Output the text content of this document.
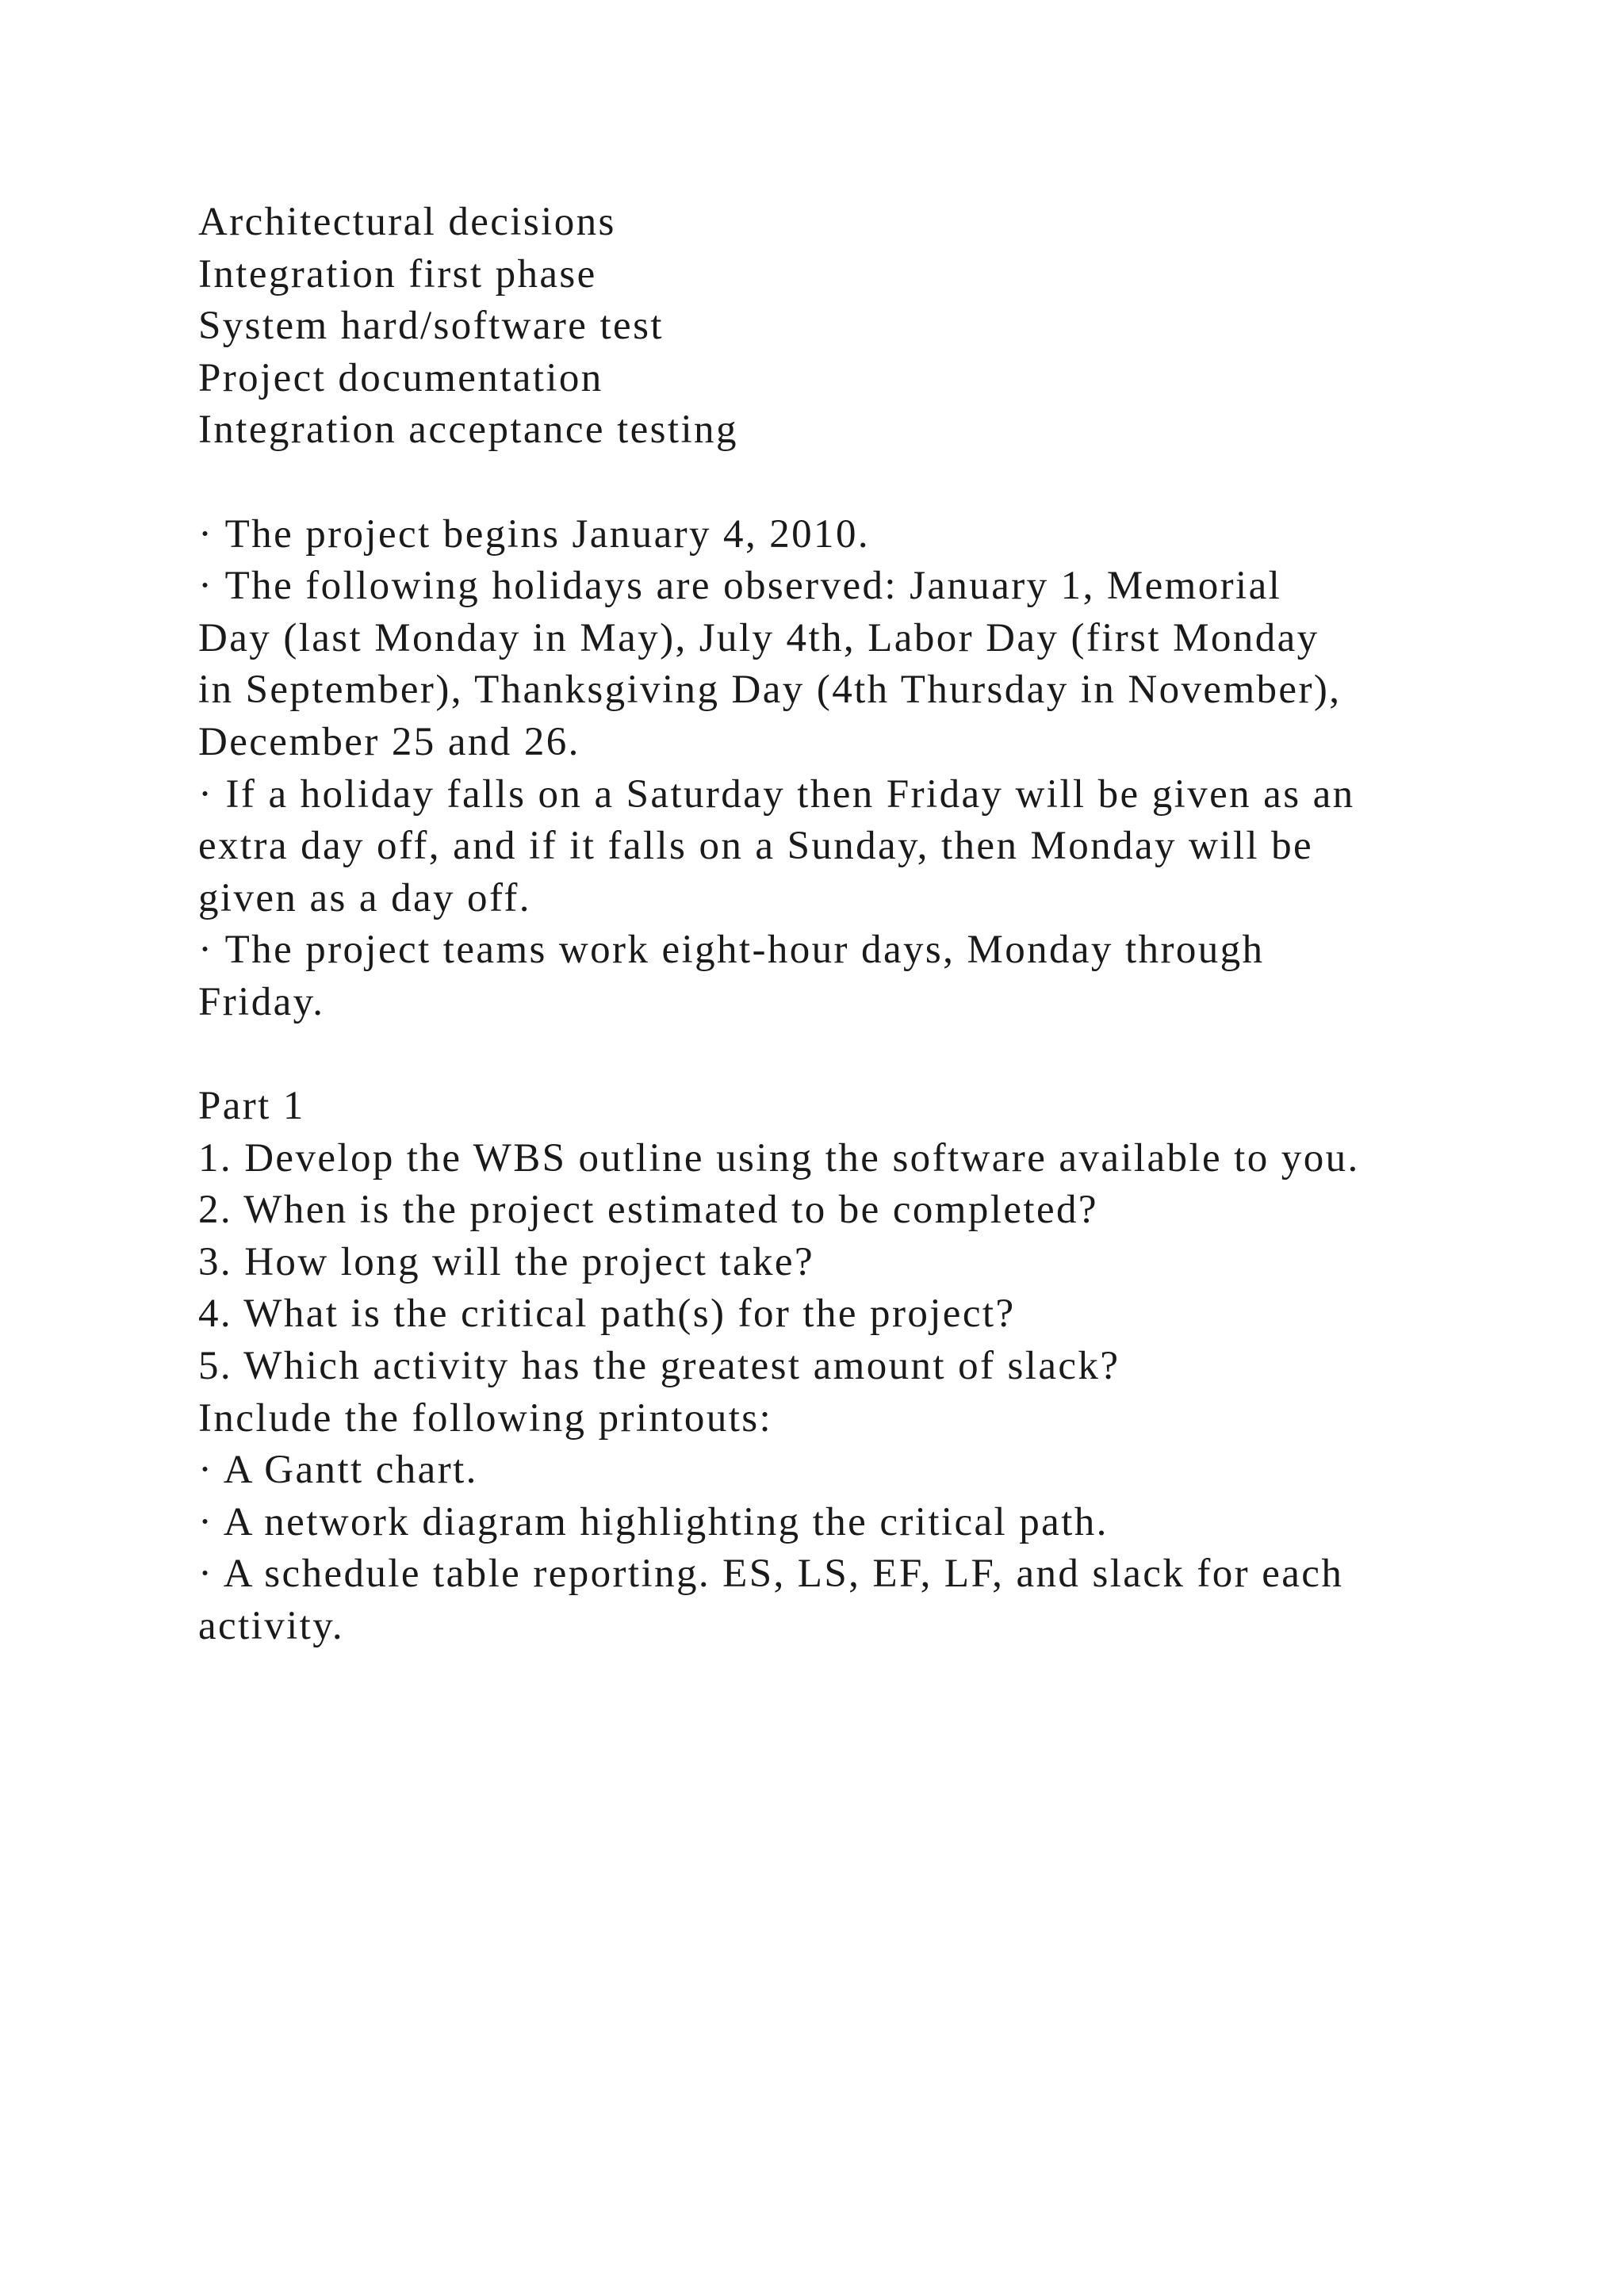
Architectural decisions
Integration first phase
System hard/software test
Project documentation
Integration acceptance testing
· The project begins January 4, 2010.
· The following holidays are observed: January 1, Memorial
Day (last Monday in May), July 4th, Labor Day (first Monday
in September), Thanksgiving Day (4th Thursday in November),
December 25 and 26.
· If a holiday falls on a Saturday then Friday will be given as an
extra day off, and if it falls on a Sunday, then Monday will be
given as a day off.
· The project teams work eight-hour days, Monday through
Friday.
Part 1
1. Develop the WBS outline using the software available to you.
2. When is the project estimated to be completed?
3. How long will the project take?
4. What is the critical path(s) for the project?
5. Which activity has the greatest amount of slack?
Include the following printouts:
· A Gantt chart.
· A network diagram highlighting the critical path.
· A schedule table reporting. ES, LS, EF, LF, and slack for each
activity.
